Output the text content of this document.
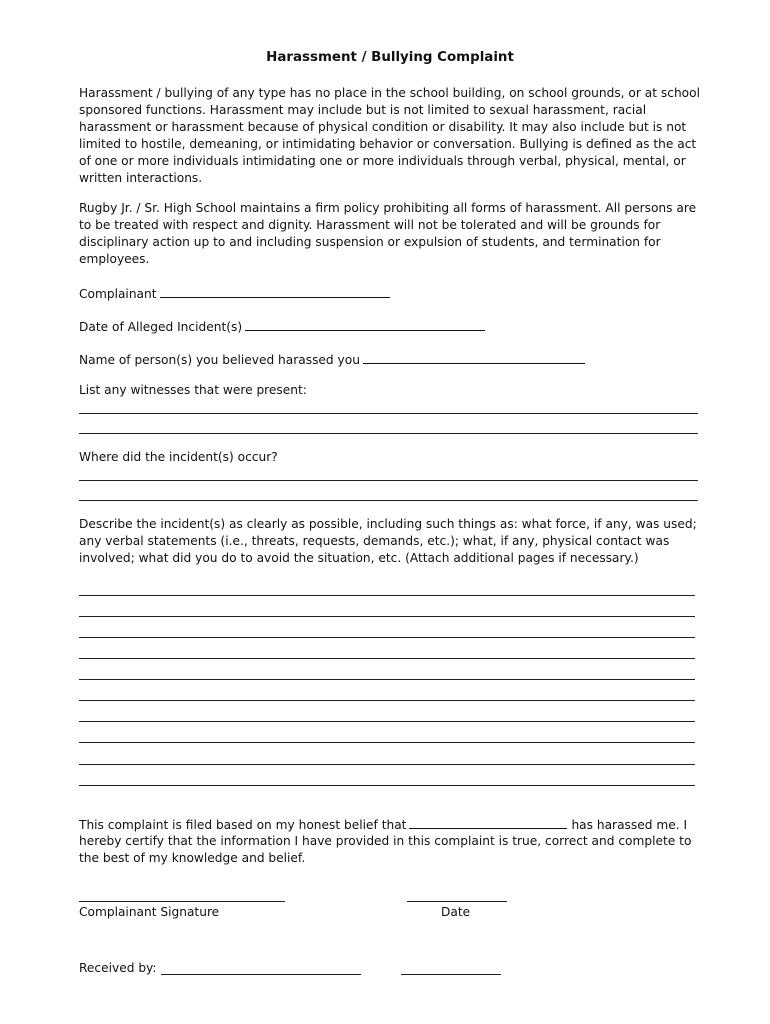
Harassment / Bullying Complaint

Harassment / bullying of any type has no place in the school building, on school grounds, or at school sponsored functions. Harassment may include but is not limited to sexual harassment, racial harassment or harassment because of physical condition or disability. It may also include but is not limited to hostile, demeaning, or intimidating behavior or conversation. Bullying is defined as the act of one or more individuals intimidating one or more individuals through verbal, physical, mental, or written interactions.

Rugby Jr. / Sr. High School maintains a firm policy prohibiting all forms of harassment. All persons are to be treated with respect and dignity. Harassment will not be tolerated and will be grounds for disciplinary action up to and including suspension or expulsion of students, and termination for employees.

Complainant
Date of Alleged Incident(s)
Name of person(s) you believed harassed you
List any witnesses that were present:
Where did the incident(s) occur?

Describe the incident(s) as clearly as possible, including such things as: what force, if any, was used; any verbal statements (i.e., threats, requests, demands, etc.); what, if any, physical contact was involved; what did you do to avoid the situation, etc. (Attach additional pages if necessary.)

This complaint is filed based on my honest belief that	has harassed me. I

hereby certify that the information I have provided in this complaint is true, correct and complete to the best of my knowledge and belief.

Complainant Signature	Date
Received by:
